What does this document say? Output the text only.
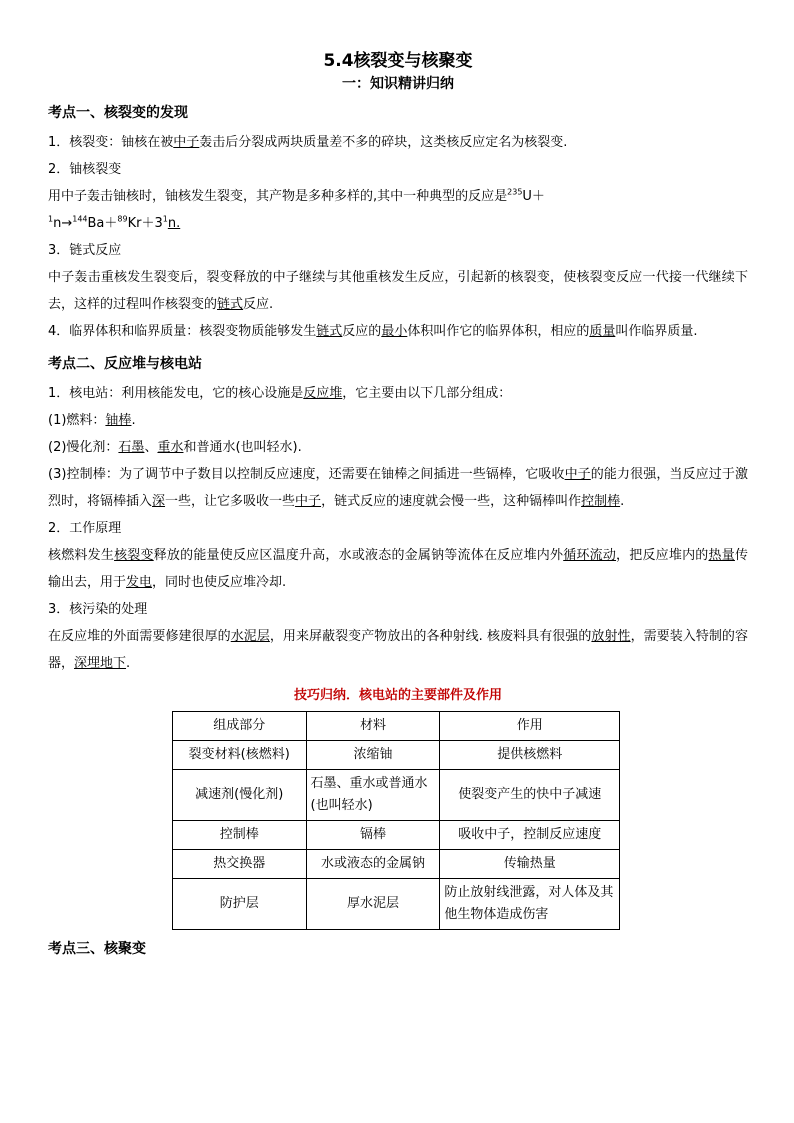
5.4核裂变与核聚变
一：知识精讲归纳
考点一、核裂变的发现

1．核裂变：铀核在被中子轰击后分裂成两块质量差不多的碎块，这类核反应定名为核裂变.

2．铀核裂变

用中子轰击铀核时，铀核发生裂变，其产物是多种多样的,其中一种典型的反应是$^{235}$U＋

$^1n\to^{144}Ba+^{89}Kr+3^1n$.

3．链式反应

中子轰击重核发生裂变后，裂变释放的中子继续与其他重核发生反应，引起新的核裂变，使核裂变反应一代接一代继续下去，这样的过程叫作核裂变的链式反应.

4．临界体积和临界质量：核裂变物质能够发生链式反应的最小体积叫作它的临界体积，相应的质量叫作临界质量.

考点二、反应堆与核电站

1．核电站：利用核能发电，它的核心设施是反应堆，它主要由以下几部分组成：

(1)燃料：铀棒.

(2)慢化剂：石墨、重水和普通水(也叫轻水).

(3)控制棒：为了调节中子数目以控制反应速度，还需要在铀棒之间插进一些镉棒，它吸收中子的能力很强，当反应过于激烈时，将镉棒插入深一些，让它多吸收一些中子，链式反应的速度就会慢一些，这种镉棒叫作控制棒.

2．工作原理

核燃料发生核裂变释放的能量使反应区温度升高，水或液态的金属钠等流体在反应堆内外循环流动，把反应堆内的热量传输出去，用于发电，同时也使反应堆冷却.

3．核污染的处理

在反应堆的外面需要修建很厚的水泥层，用来屏蔽裂变产物放出的各种射线. 核废料具有很强的放射性，需要装入特制的容器，深埋地下.

技巧归纳．核电站的主要部件及作用
组成部分	材料	作用
裂变材料(核燃料)	浓缩铀	提供核燃料
减速剂(慢化剂)	石墨、重水或普通水(也叫轻水)	使裂变产生的快中子减速
控制棒	镉棒	吸收中子，控制反应速度
热交换器	水或液态的金属钠	传输热量
防护层	厚水泥层	防止放射线泄露，对人体及其他生物体造成伤害
考点三、核聚变
